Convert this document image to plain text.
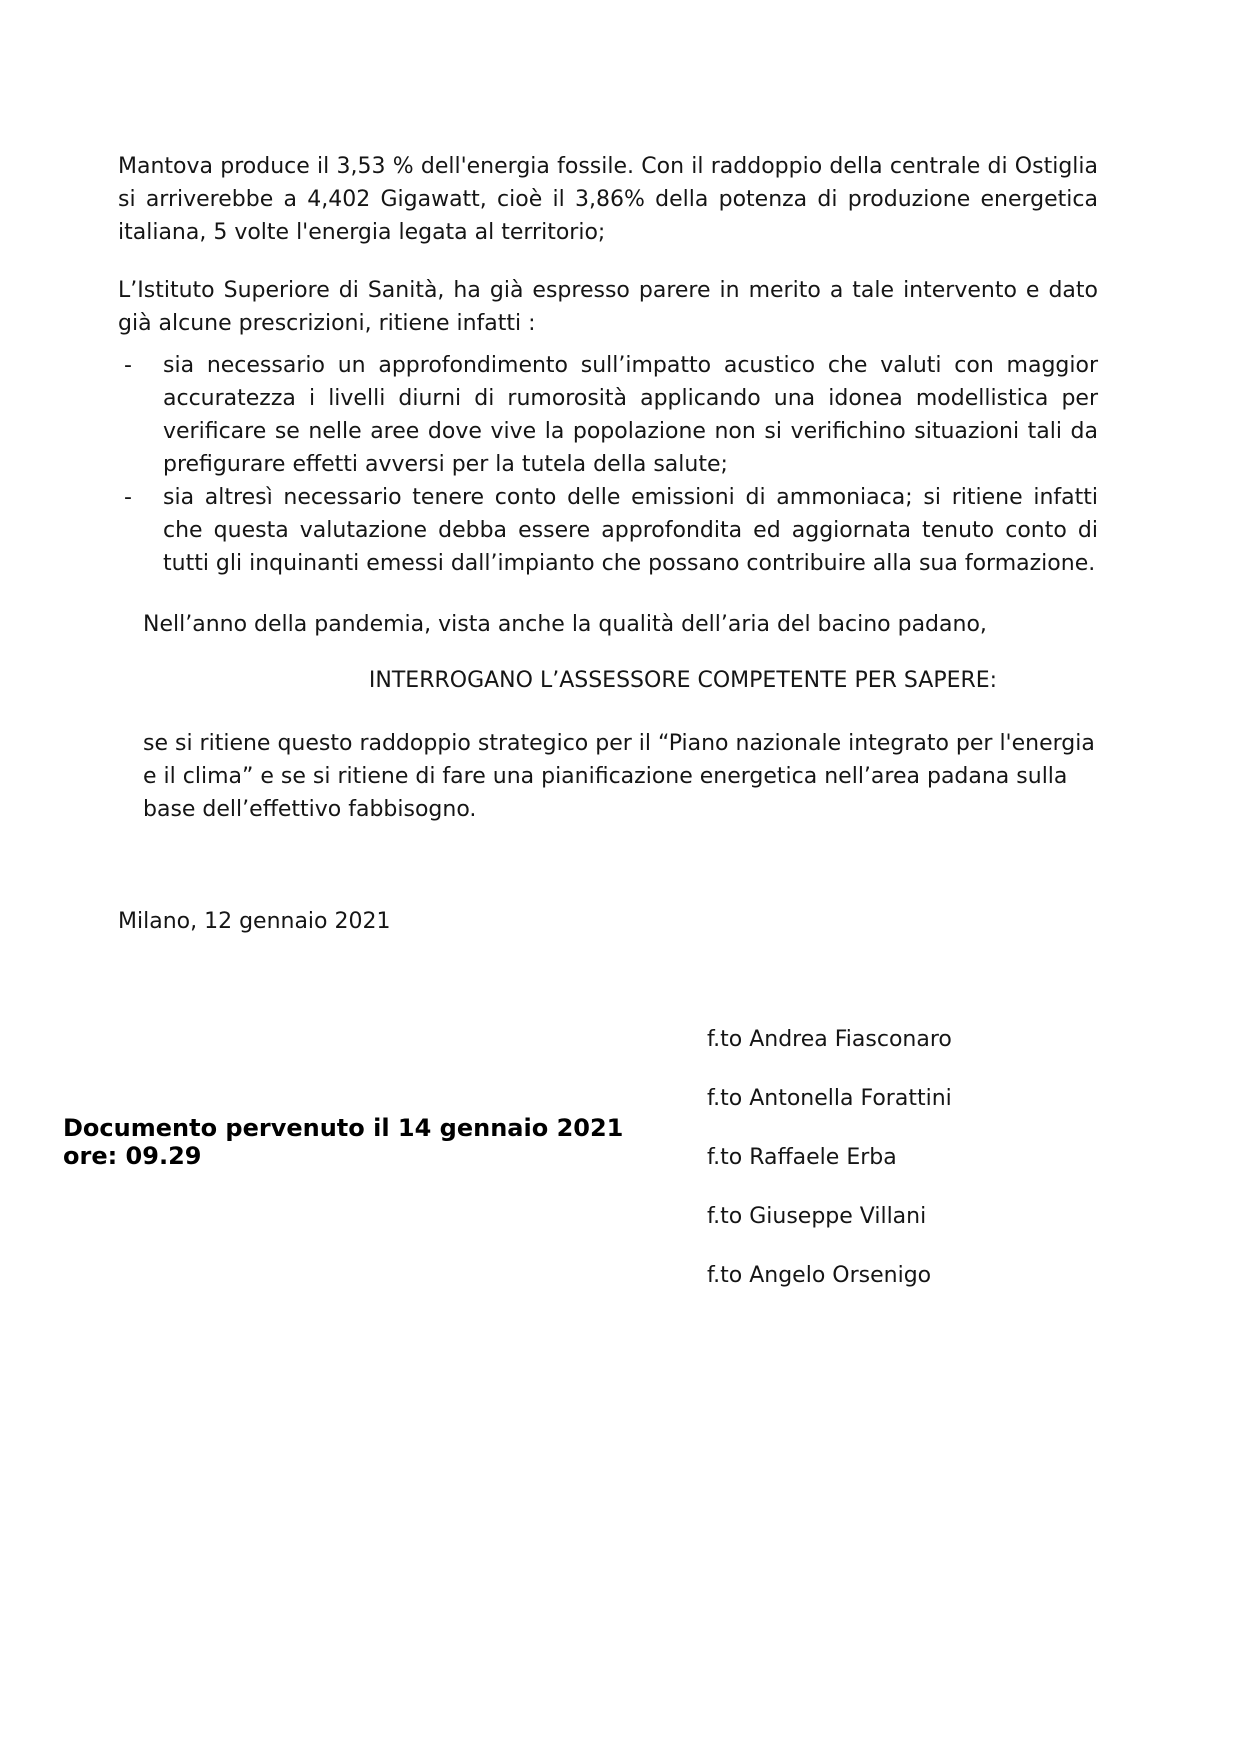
Mantova produce il 3,53 % dell'energia fossile. Con il raddoppio della centrale di Ostiglia si arriverebbe a 4,402 Gigawatt, cioè il 3,86% della potenza di produzione energetica italiana, 5 volte l'energia legata al territorio;

L’Istituto Superiore di Sanità, ha già espresso parere in merito a tale intervento e dato già alcune prescrizioni, ritiene infatti :

- sia necessario un approfondimento sull’impatto acustico che valuti con maggior accuratezza i livelli diurni di rumorosità applicando una idonea modellistica per verificare se nelle aree dove vive la popolazione non si verifichino situazioni tali da prefigurare effetti avversi per la tutela della salute;
- sia altresì necessario tenere conto delle emissioni di ammoniaca; si ritiene infatti che questa valutazione debba essere approfondita ed aggiornata tenuto conto di tutti gli inquinanti emessi dall’impianto che possano contribuire alla sua formazione.

Nell’anno della pandemia, vista anche la qualità dell’aria del bacino padano,

INTERROGANO L’ASSESSORE COMPETENTE PER SAPERE:

se si ritiene questo raddoppio strategico per il “Piano nazionale integrato per l'energia e il clima” e se si ritiene di fare una pianificazione energetica nell’area padana sulla base dell’effettivo fabbisogno.

Milano, 12 gennaio 2021

Documento pervenuto il 14 gennaio 2021
ore: 09.29
f.to Andrea Fiasconaro
f.to Antonella Forattini
f.to Raffaele Erba
f.to Giuseppe Villani
f.to Angelo Orsenigo
